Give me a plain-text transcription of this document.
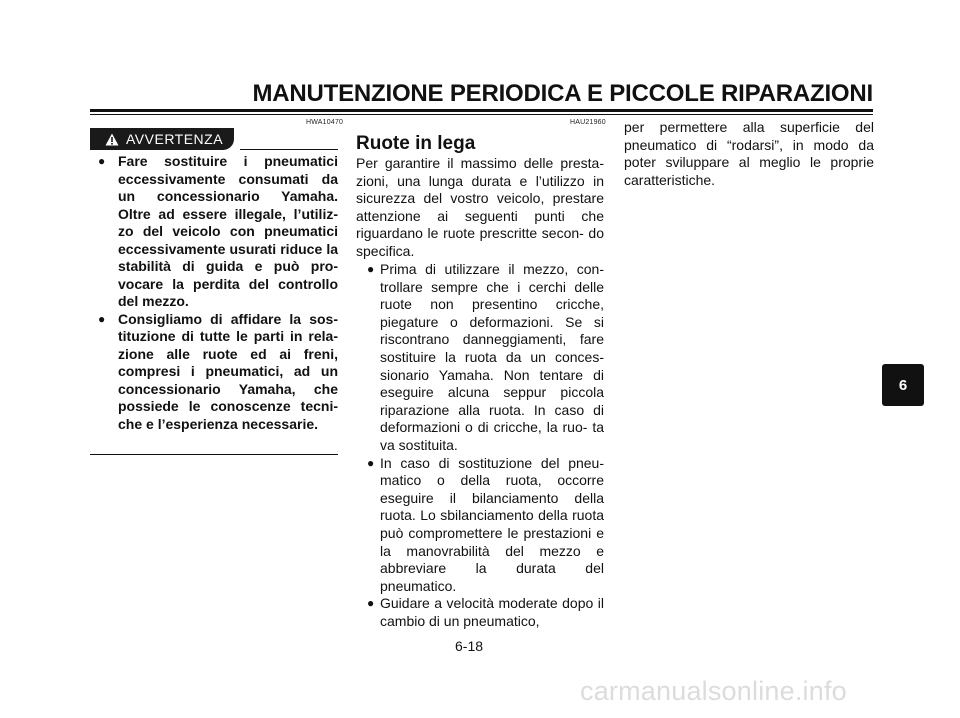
MANUTENZIONE PERIODICA E PICCOLE RIPARAZIONI
HWA10470
AVVERTENZA
● Fare sostituire i pneumatici eccessivamente consumati da un concessionario Yamaha. Oltre ad essere illegale, l’utiliz- zo del veicolo con pneumatici eccessivamente usurati riduce la stabilità di guida e può pro- vocare la perdita del controllo del mezzo.
● Consigliamo di affidare la sos- tituzione di tutte le parti in rela- zione alle ruote ed ai freni, compresi i pneumatici, ad un concessionario Yamaha, che possiede le conoscenze tecni- che e l’esperienza necessarie.
HAU21960
Ruote in lega
Per garantire il massimo delle presta- zioni, una lunga durata e l’utilizzo in sicurezza del vostro veicolo, prestare attenzione ai seguenti punti che riguardano le ruote prescritte secon- do specifica.
● Prima di utilizzare il mezzo, con- trollare sempre che i cerchi delle ruote non presentino cricche, piegature o deformazioni. Se si riscontrano danneggiamenti, fare sostituire la ruota da un conces- sionario Yamaha. Non tentare di eseguire alcuna seppur piccola riparazione alla ruota. In caso di deformazioni o di cricche, la ruo- ta va sostituita.
● In caso di sostituzione del pneu- matico o della ruota, occorre eseguire il bilanciamento della ruota. Lo sbilanciamento della ruota può compromettere le prestazioni e la manovrabilità del mezzo e abbreviare la durata del pneumatico.
● Guidare a velocità moderate dopo il cambio di un pneumatico,
per permettere alla superficie del pneumatico di “rodarsi”, in modo da poter sviluppare al meglio le proprie caratteristiche.
6-18
6
carmanualsonline.info
